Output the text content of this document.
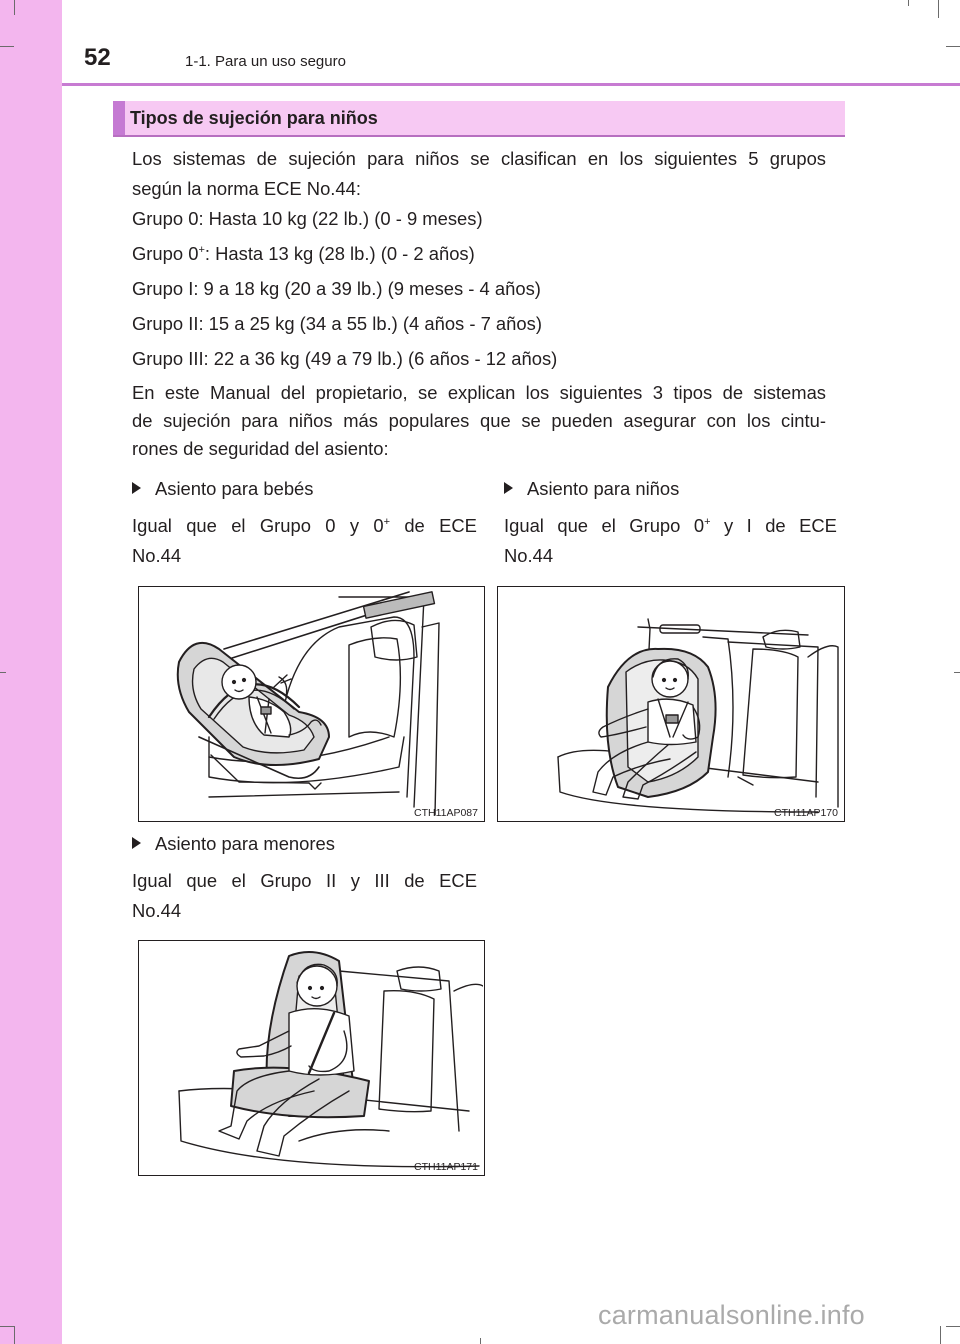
52	1-1. Para un uso seguro
Tipos de sujeción para niños
Los sistemas de sujeción para niños se clasifican en los siguientes 5 grupos
según la norma ECE No.44:
Grupo 0: Hasta 10 kg (22 lb.) (0 - 9 meses)
Grupo 0+: Hasta 13 kg (28 lb.) (0 - 2 años)
Grupo I: 9 a 18 kg (20 a 39 lb.) (9 meses - 4 años)
Grupo II: 15 a 25 kg (34 a 55 lb.) (4 años - 7 años)
Grupo III: 22 a 36 kg (49 a 79 lb.) (6 años - 12 años)
En este Manual del propietario, se explican los siguientes 3 tipos de sistemas
de sujeción para niños más populares que se pueden asegurar con los cintu-
rones de seguridad del asiento:
Asiento para bebés
Igual que el Grupo 0 y 0+ de ECE
No.44
Asiento para niños
Igual que el Grupo 0+ y I de ECE
No.44
CTH11AP087	CTH11AP170
Asiento para menores
Igual que el Grupo II y III de ECE
No.44
CTH11AP171
carmanualsonline.info
